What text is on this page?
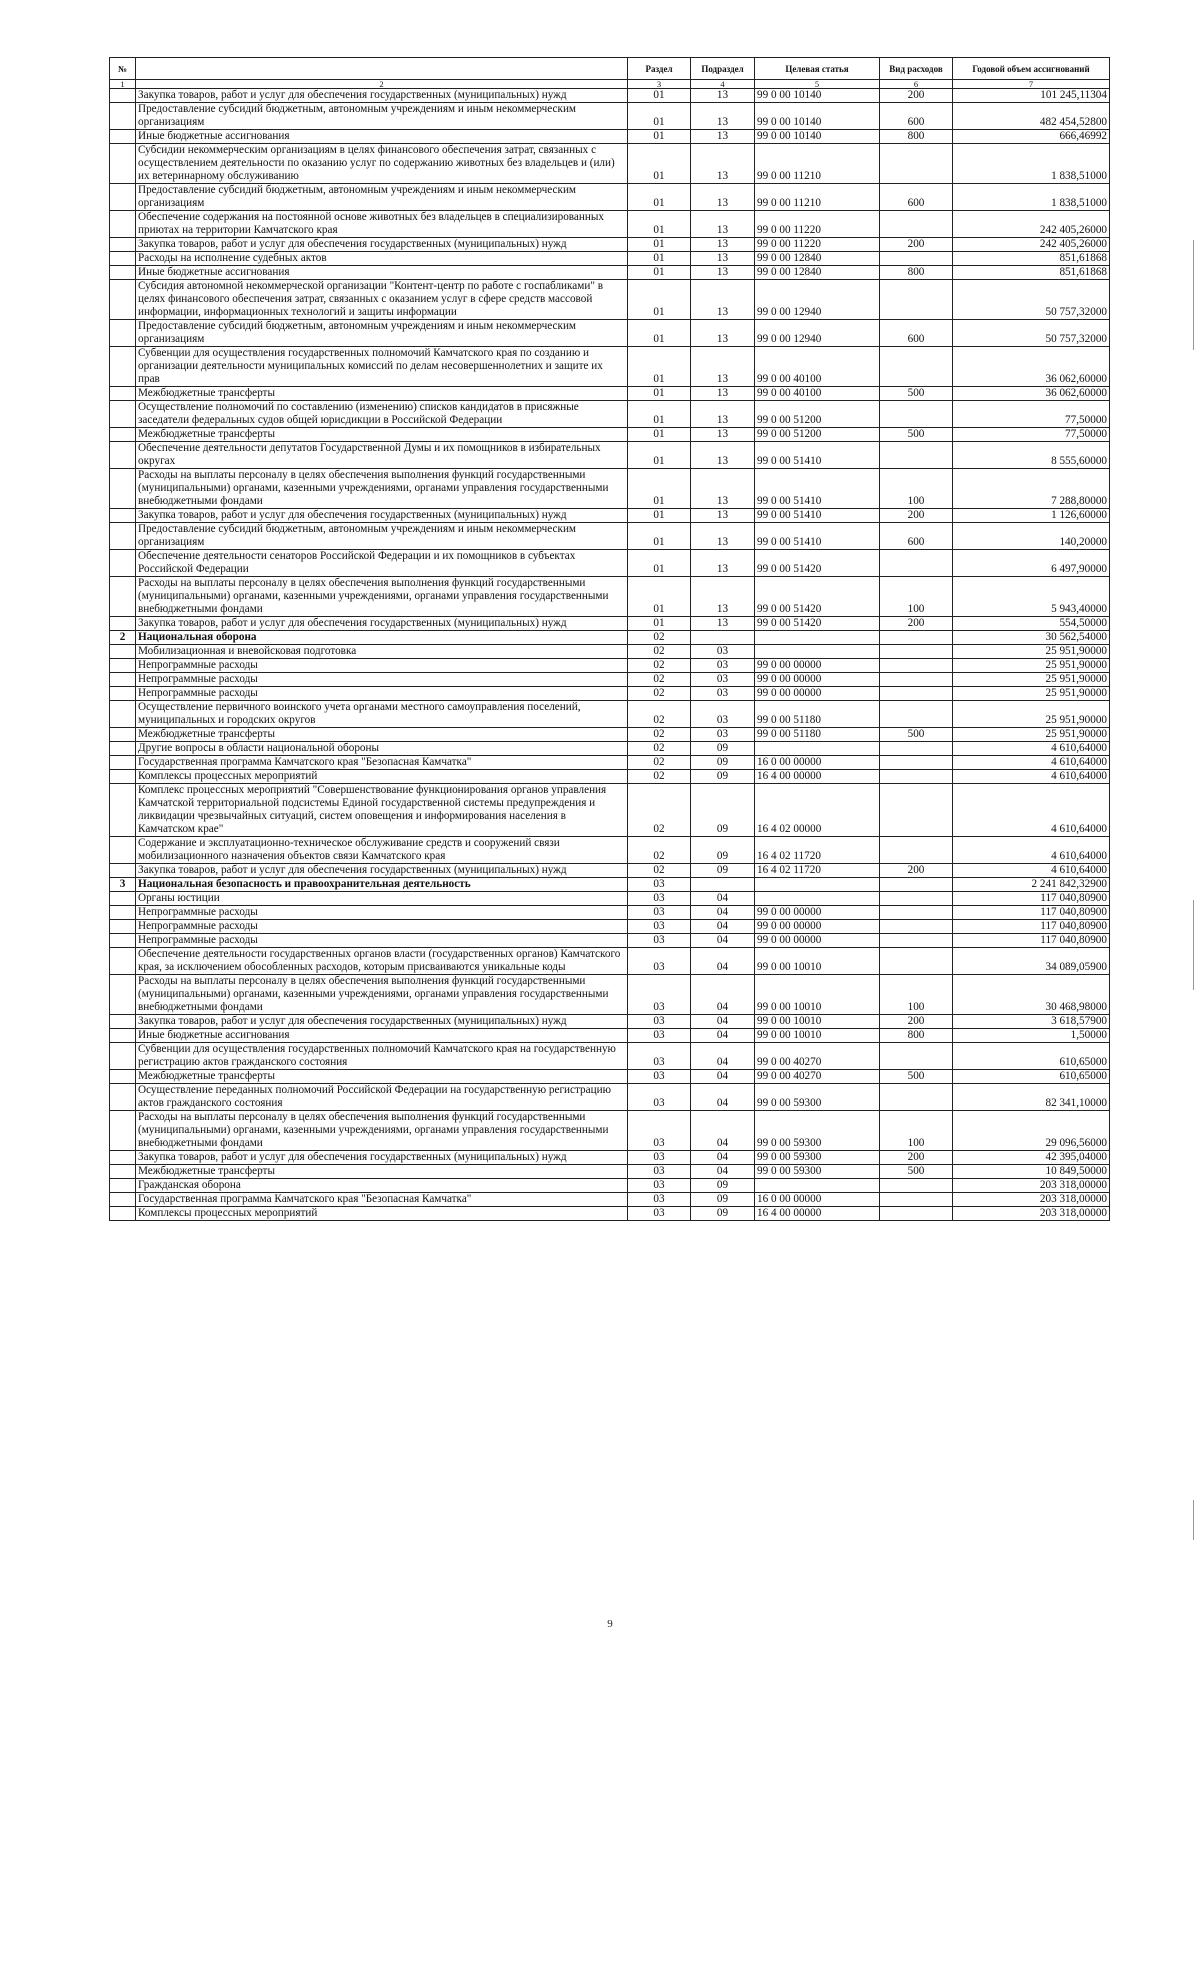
№		Раздел	Подраздел	Целевая статья	Вид расходов	Годовой объем ассигнований
1	2	3	4	5	6	7
	Закупка товаров, работ и услуг для обеспечения государственных (муниципальных) нужд	01	13	99 0 00 10140	200	101 245,11304
	Предоставление субсидий бюджетным, автономным учреждениям и иным некоммерческим организациям	01	13	99 0 00 10140	600	482 454,52800
	Иные бюджетные ассигнования	01	13	99 0 00 10140	800	666,46992
	Субсидии некоммерческим организациям в целях финансового обеспечения затрат, связанных с осуществлением деятельности по оказанию услуг по содержанию животных без владельцев и (или) их ветеринарному обслуживанию	01	13	99 0 00 11210		1 838,51000
	Предоставление субсидий бюджетным, автономным учреждениям и иным некоммерческим организациям	01	13	99 0 00 11210	600	1 838,51000
	Обеспечение содержания на постоянной основе животных без владельцев в специализированных приютах на территории Камчатского края	01	13	99 0 00 11220		242 405,26000
	Закупка товаров, работ и услуг для обеспечения государственных (муниципальных) нужд	01	13	99 0 00 11220	200	242 405,26000
	Расходы на исполнение судебных актов	01	13	99 0 00 12840		851,61868
	Иные бюджетные ассигнования	01	13	99 0 00 12840	800	851,61868
	Субсидия автономной некоммерческой организации "Контент-центр по работе с госпабликами" в целях финансового обеспечения затрат, связанных с оказанием услуг в сфере средств массовой информации, информационных технологий и защиты информации	01	13	99 0 00 12940		50 757,32000
	Предоставление субсидий бюджетным, автономным учреждениям и иным некоммерческим организациям	01	13	99 0 00 12940	600	50 757,32000
	Субвенции для осуществления государственных полномочий Камчатского края по созданию и организации деятельности муниципальных комиссий по делам несовершеннолетних и защите их прав	01	13	99 0 00 40100		36 062,60000
	Межбюджетные трансферты	01	13	99 0 00 40100	500	36 062,60000
	Осуществление полномочий по составлению (изменению) списков кандидатов в присяжные заседатели федеральных судов общей юрисдикции в Российской Федерации	01	13	99 0 00 51200		77,50000
	Межбюджетные трансферты	01	13	99 0 00 51200	500	77,50000
	Обеспечение деятельности депутатов Государственной Думы и их помощников в избирательных округах	01	13	99 0 00 51410		8 555,60000
	Расходы на выплаты персоналу в целях обеспечения выполнения функций государственными (муниципальными) органами, казенными учреждениями, органами управления государственными внебюджетными фондами	01	13	99 0 00 51410	100	7 288,80000
	Закупка товаров, работ и услуг для обеспечения государственных (муниципальных) нужд	01	13	99 0 00 51410	200	1 126,60000
	Предоставление субсидий бюджетным, автономным учреждениям и иным некоммерческим организациям	01	13	99 0 00 51410	600	140,20000
	Обеспечение деятельности сенаторов Российской Федерации и их помощников в субъектах Российской Федерации	01	13	99 0 00 51420		6 497,90000
	Расходы на выплаты персоналу в целях обеспечения выполнения функций государственными (муниципальными) органами, казенными учреждениями, органами управления государственными внебюджетными фондами	01	13	99 0 00 51420	100	5 943,40000
	Закупка товаров, работ и услуг для обеспечения государственных (муниципальных) нужд	01	13	99 0 00 51420	200	554,50000
2	Национальная оборона	02				30 562,54000
	Мобилизационная и вневойсковая подготовка	02	03			25 951,90000
	Непрограммные расходы	02	03	99 0 00 00000		25 951,90000
	Непрограммные расходы	02	03	99 0 00 00000		25 951,90000
	Непрограммные расходы	02	03	99 0 00 00000		25 951,90000
	Осуществление первичного воинского учета органами местного самоуправления поселений, муниципальных и городских округов	02	03	99 0 00 51180		25 951,90000
	Межбюджетные трансферты	02	03	99 0 00 51180	500	25 951,90000
	Другие вопросы в области национальной обороны	02	09			4 610,64000
	Государственная программа Камчатского края "Безопасная Камчатка"	02	09	16 0 00 00000		4 610,64000
	Комплексы процессных мероприятий	02	09	16 4 00 00000		4 610,64000
	Комплекс процессных мероприятий "Совершенствование функционирования органов управления Камчатской территориальной подсистемы Единой государственной системы предупреждения и ликвидации чрезвычайных ситуаций, систем оповещения и информирования населения в Камчатском крае"	02	09	16 4 02 00000		4 610,64000
	Содержание и эксплуатационно-техническое обслуживание средств и сооружений связи мобилизационного назначения объектов связи Камчатского края	02	09	16 4 02 11720		4 610,64000
	Закупка товаров, работ и услуг для обеспечения государственных (муниципальных) нужд	02	09	16 4 02 11720	200	4 610,64000
3	Национальная безопасность и правоохранительная деятельность	03				2 241 842,32900
	Органы юстиции	03	04			117 040,80900
	Непрограммные расходы	03	04	99 0 00 00000		117 040,80900
	Непрограммные расходы	03	04	99 0 00 00000		117 040,80900
	Непрограммные расходы	03	04	99 0 00 00000		117 040,80900
	Обеспечение деятельности государственных органов власти (государственных органов) Камчатского края, за исключением обособленных расходов, которым присваиваются уникальные коды	03	04	99 0 00 10010		34 089,05900
	Расходы на выплаты персоналу в целях обеспечения выполнения функций государственными (муниципальными) органами, казенными учреждениями, органами управления государственными внебюджетными фондами	03	04	99 0 00 10010	100	30 468,98000
	Закупка товаров, работ и услуг для обеспечения государственных (муниципальных) нужд	03	04	99 0 00 10010	200	3 618,57900
	Иные бюджетные ассигнования	03	04	99 0 00 10010	800	1,50000
	Субвенции для осуществления государственных полномочий Камчатского края на государственную регистрацию актов гражданского состояния	03	04	99 0 00 40270		610,65000
	Межбюджетные трансферты	03	04	99 0 00 40270	500	610,65000
	Осуществление переданных полномочий Российской Федерации на государственную регистрацию актов гражданского состояния	03	04	99 0 00 59300		82 341,10000
	Расходы на выплаты персоналу в целях обеспечения выполнения функций государственными (муниципальными) органами, казенными учреждениями, органами управления государственными внебюджетными фондами	03	04	99 0 00 59300	100	29 096,56000
	Закупка товаров, работ и услуг для обеспечения государственных (муниципальных) нужд	03	04	99 0 00 59300	200	42 395,04000
	Межбюджетные трансферты	03	04	99 0 00 59300	500	10 849,50000
	Гражданская оборона	03	09			203 318,00000
	Государственная программа Камчатского края "Безопасная Камчатка"	03	09	16 0 00 00000		203 318,00000
	Комплексы процессных мероприятий	03	09	16 4 00 00000		203 318,00000
9
